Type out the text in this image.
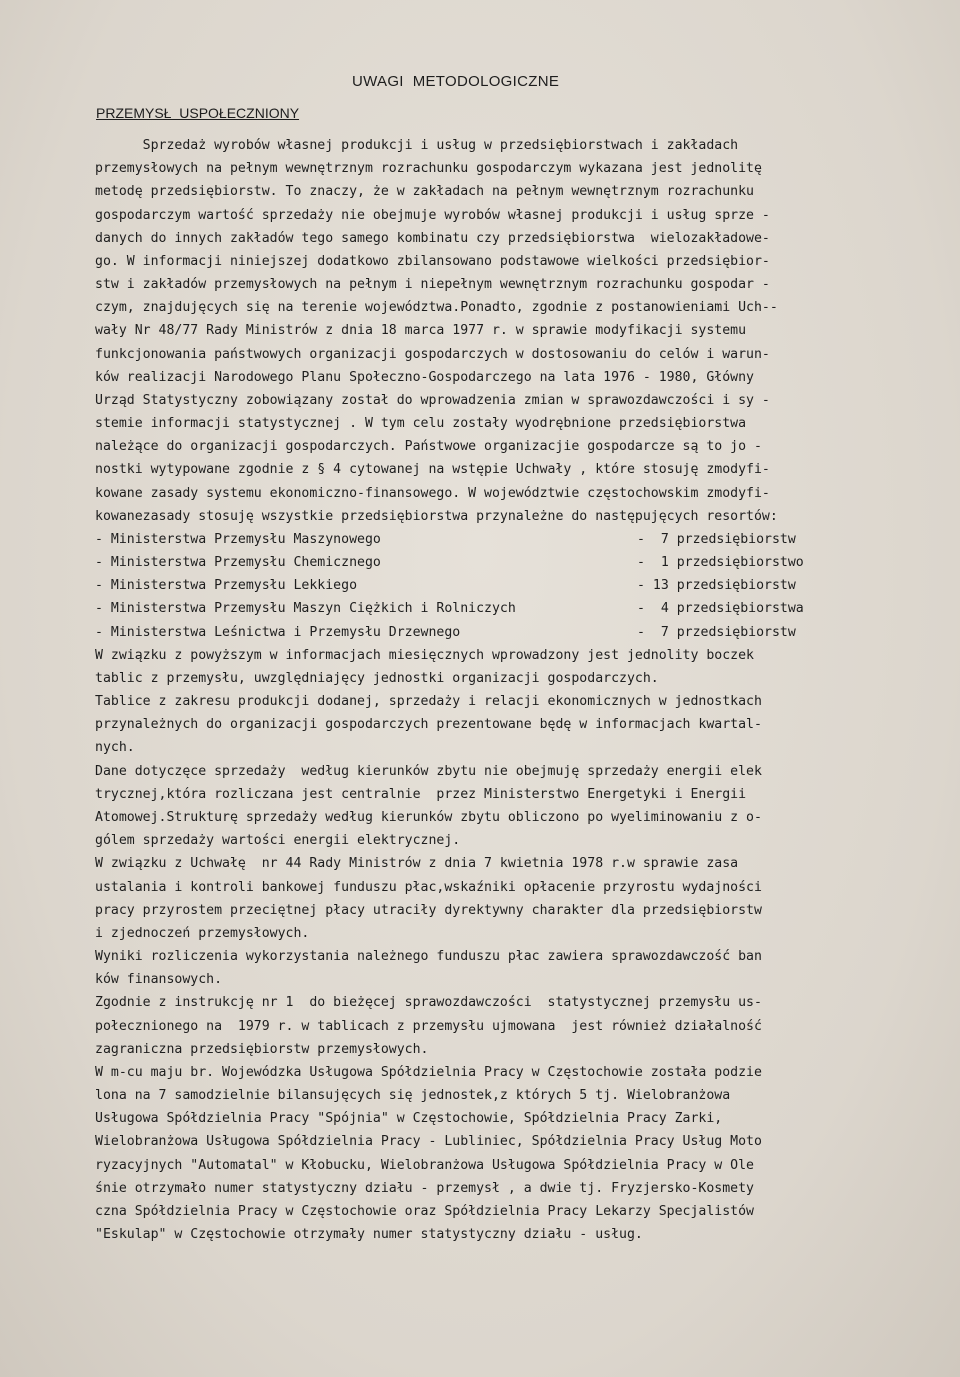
UWAGI  METODOLOGICZNE
PRZEMYSŁ  USPOŁECZNIONY
Sprzedaż wyrobów własnej produkcji i usług w przedsiębiorstwach i zakładach
przemysłowych na pełnym wewnętrznym rozrachunku gospodarczym wykazana jest jednolitę
metodę przedsiębiorstw. To znaczy, że w zakładach na pełnym wewnętrznym rozrachunku
gospodarczym wartość sprzedaży nie obejmuje wyrobów własnej produkcji i usług sprze -
danych do innych zakładów tego samego kombinatu czy przedsiębiorstwa  wielozakładowe-
go. W informacji niniejszej dodatkowo zbilansowano podstawowe wielkości przedsiębior-
stw i zakładów przemysłowych na pełnym i niepełnym wewnętrznym rozrachunku gospodar -
czym, znajdujęcych się na terenie województwa.Ponadto, zgodnie z postanowieniami Uch--
wały Nr 48/77 Rady Ministrów z dnia 18 marca 1977 r. w sprawie modyfikacji systemu
funkcjonowania państwowych organizacji gospodarczych w dostosowaniu do celów i warun-
ków realizacji Narodowego Planu Społeczno-Gospodarczego na lata 1976 - 1980, Główny
Urząd Statystyczny zobowiązany został do wprowadzenia zmian w sprawozdawczości i sy -
stemie informacji statystycznej . W tym celu zostały wyodrębnione przedsiębiorstwa
należące do organizacji gospodarczych. Państwowe organizacjie gospodarcze są to jo -
nostki wytypowane zgodnie z § 4 cytowanej na wstępie Uchwały , które stosuję zmodyfi-
kowane zasady systemu ekonomiczno-finansowego. W województwie częstochowskim zmodyfi-
kowanezasady stosuję wszystkie przedsiębiorstwa przynależne do następujęcych resortów:
- Ministerstwa Przemysłu Maszynowego	-  7 przedsiębiorstw
- Ministerstwa Przemysłu Chemicznego	-  1 przedsiębiorstwo
- Ministerstwa Przemysłu Lekkiego	- 13 przedsiębiorstw
- Ministerstwa Przemysłu Maszyn Ciężkich i Rolniczych	-  4 przedsiębiorstwa
- Ministerstwa Leśnictwa i Przemysłu Drzewnego	-  7 przedsiębiorstw
W związku z powyższym w informacjach miesięcznych wprowadzony jest jednolity boczek
tablic z przemysłu, uwzględniajęcy jednostki organizacji gospodarczych.
Tablice z zakresu produkcji dodanej, sprzedaży i relacji ekonomicznych w jednostkach
przynależnych do organizacji gospodarczych prezentowane będę w informacjach kwartal-
nych.
Dane dotyczęce sprzedaży  według kierunków zbytu nie obejmuję sprzedaży energii elek
trycznej,która rozliczana jest centralnie  przez Ministerstwo Energetyki i Energii
Atomowej.Strukturę sprzedaży według kierunków zbytu obliczono po wyeliminowaniu z o-
gólem sprzedaży wartości energii elektrycznej.
W związku z Uchwałę  nr 44 Rady Ministrów z dnia 7 kwietnia 1978 r.w sprawie zasa
ustalania i kontroli bankowej funduszu płac,wskaźniki opłacenie przyrostu wydajności
pracy przyrostem przeciętnej płacy utraciły dyrektywny charakter dla przedsiębiorstw
i zjednoczeń przemysłowych.
Wyniki rozliczenia wykorzystania należnego funduszu płac zawiera sprawozdawczość ban
ków finansowych.
Zgodnie z instrukcję nr 1  do bieżęcej sprawozdawczości  statystycznej przemysłu us-
połecznionego na  1979 r. w tablicach z przemysłu ujmowana  jest również działalność
zagraniczna przedsiębiorstw przemysłowych.
W m-cu maju br. Wojewódzka Usługowa Spółdzielnia Pracy w Częstochowie została podzie
lona na 7 samodzielnie bilansujęcych się jednostek,z których 5 tj. Wielobranżowa
Usługowa Spółdzielnia Pracy "Spójnia" w Częstochowie, Spółdzielnia Pracy Zarki,
Wielobranżowa Usługowa Spółdzielnia Pracy - Lubliniec, Spółdzielnia Pracy Usług Moto
ryzacyjnych "Automatal" w Kłobucku, Wielobranżowa Usługowa Spółdzielnia Pracy w Ole
śnie otrzymało numer statystyczny działu - przemysł , a dwie tj. Fryzjersko-Kosmety
czna Spółdzielnia Pracy w Częstochowie oraz Spółdzielnia Pracy Lekarzy Specjalistów
"Eskulap" w Częstochowie otrzymały numer statystyczny działu - usług.
